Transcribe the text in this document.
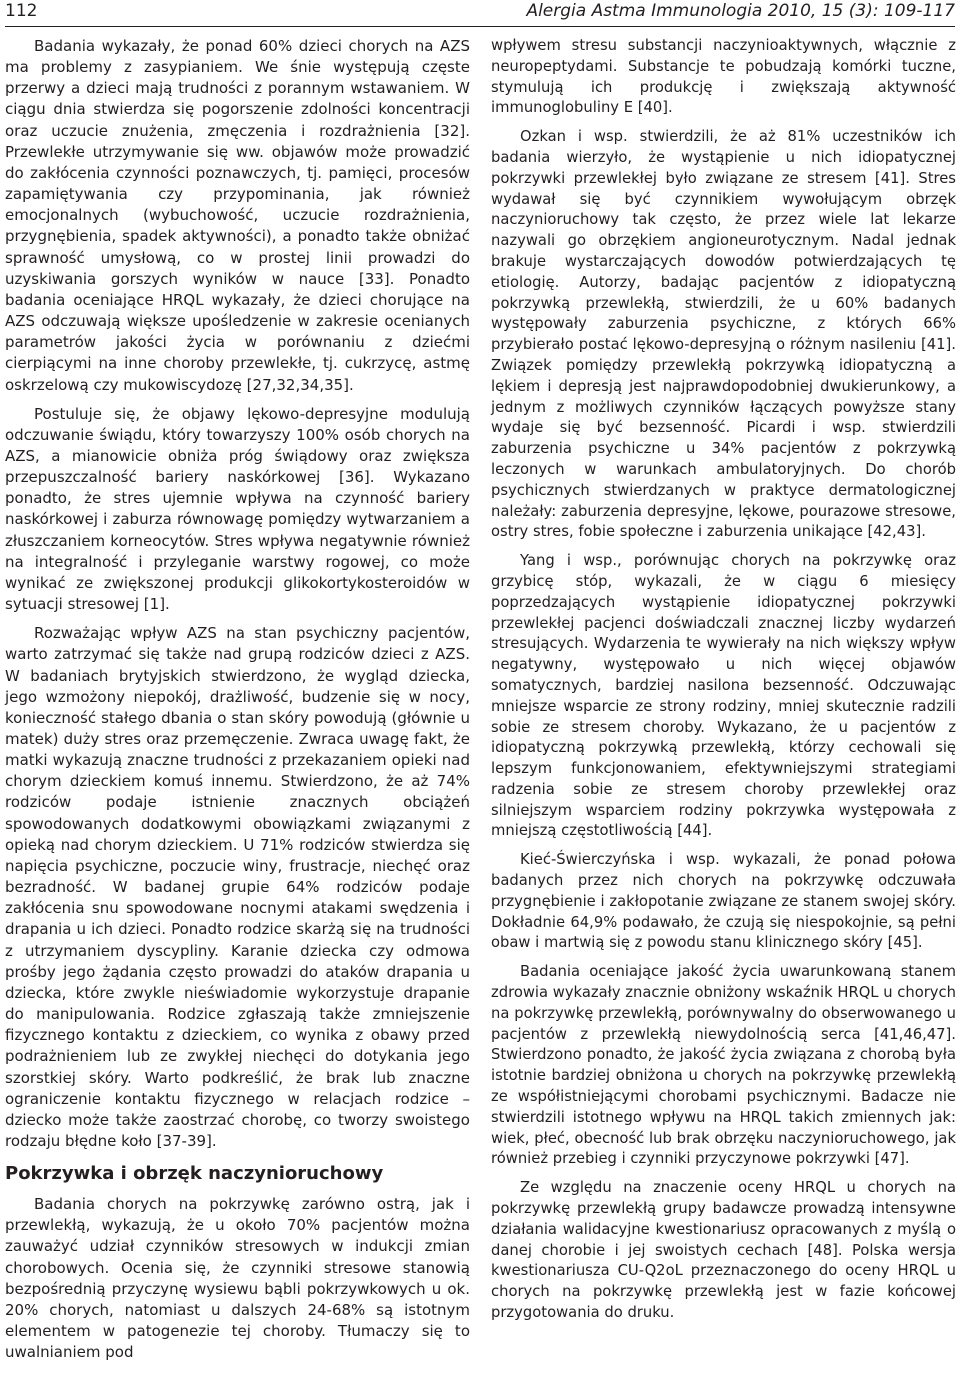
112	Alergia Astma Immunologia 2010, 15 (3): 109-117

Badania wykazały, że ponad 60% dzieci chorych na AZS ma problemy z zasypianiem. We śnie występują częste przerwy a dzieci mają trudności z porannym wstawaniem. W ciągu dnia stwierdza się pogorszenie zdolności koncentracji oraz uczucie znużenia, zmęczenia i rozdrażnienia [32]. Przewlekłe utrzymywanie się ww. objawów może prowadzić do zakłócenia czynności poznawczych, tj. pamięci, procesów zapamiętywania czy przypominania, jak również emocjonalnych (wybuchowość, uczucie rozdrażnienia, przygnębienia, spadek aktywności), a ponadto także obniżać sprawność umysłową, co w prostej linii prowadzi do uzyskiwania gorszych wyników w nauce [33]. Ponadto badania oceniające HRQL wykazały, że dzieci chorujące na AZS odczuwają większe upośledzenie w zakresie ocenianych parametrów jakości życia w porównaniu z dziećmi cierpiącymi na inne choroby przewlekłe, tj. cukrzycę, astmę oskrzelową czy mukowiscydozę [27,32,34,35].

Postuluje się, że objawy lękowo-depresyjne modulują odczuwanie świądu, który towarzyszy 100% osób chorych na AZS, a mianowicie obniża próg świądowy oraz zwiększa przepuszczalność bariery naskórkowej [36]. Wykazano ponadto, że stres ujemnie wpływa na czynność bariery naskórkowej i zaburza równowagę pomiędzy wytwarzaniem a złuszczaniem korneocytów. Stres wpływa negatywnie również na integralność i przyleganie warstwy rogowej, co może wynikać ze zwiększonej produkcji glikokortykosteroidów w sytuacji stresowej [1].

Rozważając wpływ AZS na stan psychiczny pacjentów, warto zatrzymać się także nad grupą rodziców dzieci z AZS. W badaniach brytyjskich stwierdzono, że wygląd dziecka, jego wzmożony niepokój, drażliwość, budzenie się w nocy, konieczność stałego dbania o stan skóry powodują (głównie u matek) duży stres oraz przemęczenie. Zwraca uwagę fakt, że matki wykazują znaczne trudności z przekazaniem opieki nad chorym dzieckiem komuś innemu. Stwierdzono, że aż 74% rodziców podaje istnienie znacznych obciążeń spowodowanych dodatkowymi obowiązkami związanymi z opieką nad chorym dzieckiem. U 71% rodziców stwierdza się napięcia psychiczne, poczucie winy, frustracje, niechęć oraz bezradność. W badanej grupie 64% rodziców podaje zakłócenia snu spowodowane nocnymi atakami swędzenia i drapania u ich dzieci. Ponadto rodzice skarżą się na trudności z utrzymaniem dyscypliny. Karanie dziecka czy odmowa prośby jego żądania często prowadzi do ataków drapania u dziecka, które zwykle nieświadomie wykorzystuje drapanie do manipulowania. Rodzice zgłaszają także zmniejszenie fizycznego kontaktu z dzieckiem, co wynika z obawy przed podrażnieniem lub ze zwykłej niechęci do dotykania jego szorstkiej skóry. Warto podkreślić, że brak lub znaczne ograniczenie kontaktu fizycznego w relacjach rodzice – dziecko może także zaostrzać chorobę, co tworzy swoistego rodzaju błędne koło [37-39].

Pokrzywka i obrzęk naczynioruchowy

Badania chorych na pokrzywkę zarówno ostrą, jak i przewlekłą, wykazują, że u około 70% pacjentów można zauważyć udział czynników stresowych w indukcji zmian chorobowych. Ocenia się, że czynniki stresowe stanowią bezpośrednią przyczynę wysiewu bąbli pokrzywkowych u ok. 20% chorych, natomiast u dalszych 24-68% są istotnym elementem w patogenezie tej choroby. Tłumaczy się to uwalnianiem pod

wpływem stresu substancji naczynioaktywnych, włącznie z neuropeptydami. Substancje te pobudzają komórki tuczne, stymulują ich produkcję i zwiększają aktywność immunoglobuliny E [40].

Ozkan i wsp. stwierdzili, że aż 81% uczestników ich badania wierzyło, że wystąpienie u nich idiopatycznej pokrzywki przewlekłej było związane ze stresem [41]. Stres wydawał się być czynnikiem wywołującym obrzęk naczynioruchowy tak często, że przez wiele lat lekarze nazywali go obrzękiem angioneurotycznym. Nadal jednak brakuje wystarczających dowodów potwierdzających tę etiologię. Autorzy, badając pacjentów z idiopatyczną pokrzywką przewlekłą, stwierdzili, że u 60% badanych występowały zaburzenia psychiczne, z których 66% przybierało postać lękowo-depresyjną o różnym nasileniu [41]. Związek pomiędzy przewlekłą pokrzywką idiopatyczną a lękiem i depresją jest najprawdopodobniej dwukierunkowy, a jednym z możliwych czynników łączących powyższe stany wydaje się być bezsenność. Picardi i wsp. stwierdzili zaburzenia psychiczne u 34% pacjentów z pokrzywką leczonych w warunkach ambulatoryjnych. Do chorób psychicznych stwierdzanych w praktyce dermatologicznej należały: zaburzenia depresyjne, lękowe, pourazowe stresowe, ostry stres, fobie społeczne i zaburzenia unikające [42,43].

Yang i wsp., porównując chorych na pokrzywkę oraz grzybicę stóp, wykazali, że w ciągu 6 miesięcy poprzedzających wystąpienie idiopatycznej pokrzywki przewlekłej pacjenci doświadczali znacznej liczby wydarzeń stresujących. Wydarzenia te wywierały na nich większy wpływ negatywny, występowało u nich więcej objawów somatycznych, bardziej nasilona bezsenność. Odczuwając mniejsze wsparcie ze strony rodziny, mniej skutecznie radzili sobie ze stresem choroby. Wykazano, że u pacjentów z idiopatyczną pokrzywką przewlekłą, którzy cechowali się lepszym funkcjonowaniem, efektywniejszymi strategiami radzenia sobie ze stresem choroby przewlekłej oraz silniejszym wsparciem rodziny pokrzywka występowała z mniejszą częstotliwością [44].

Kieć-Świerczyńska i wsp. wykazali, że ponad połowa badanych przez nich chorych na pokrzywkę odczuwała przygnębienie i zakłopotanie związane ze stanem swojej skóry. Dokładnie 64,9% podawało, że czują się niespokojnie, są pełni obaw i martwią się z powodu stanu klinicznego skóry [45].

Badania oceniające jakość życia uwarunkowaną stanem zdrowia wykazały znacznie obniżony wskaźnik HRQL u chorych na pokrzywkę przewlekłą, porównywalny do obserwowanego u pacjentów z przewlekłą niewydolnością serca [41,46,47]. Stwierdzono ponadto, że jakość życia związana z chorobą była istotnie bardziej obniżona u chorych na pokrzywkę przewlekłą ze współistniejącymi chorobami psychicznymi. Badacze nie stwierdzili istotnego wpływu na HRQL takich zmiennych jak: wiek, płeć, obecność lub brak obrzęku naczynioruchowego, jak również przebieg i czynniki przyczynowe pokrzywki [47].

Ze względu na znaczenie oceny HRQL u chorych na pokrzywkę przewlekłą grupy badawcze prowadzą intensywne działania walidacyjne kwestionariusz opracowanych z myślą o danej chorobie i jej swoistych cechach [48]. Polska wersja kwestionariusza CU-Q2oL przeznaczonego do oceny HRQL u chorych na pokrzywkę przewlekłą jest w fazie końcowej przygotowania do druku.
